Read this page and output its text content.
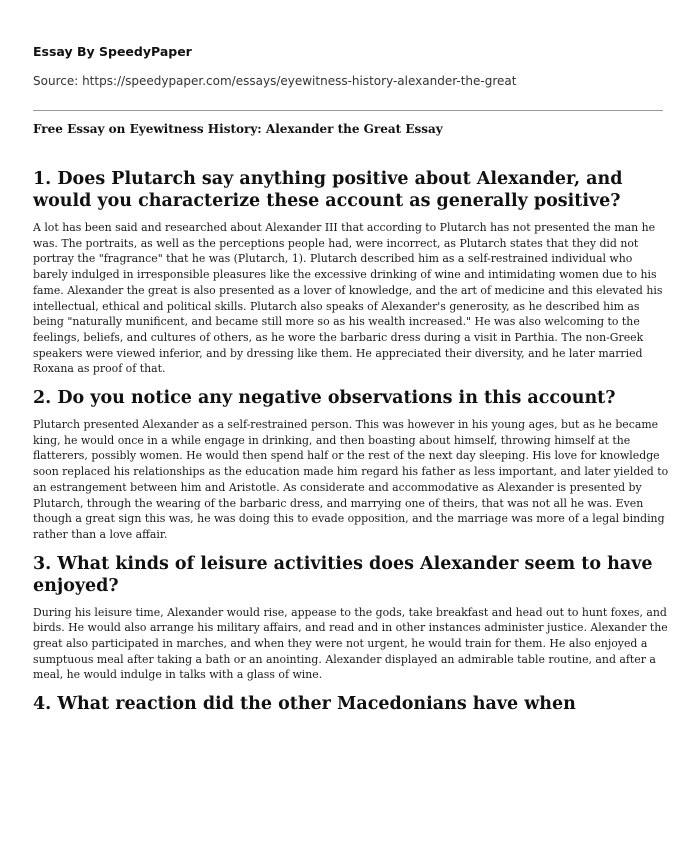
Essay By SpeedyPaper
Source: https://speedypaper.com/essays/eyewitness-history-alexander-the-great
Free Essay on Eyewitness History: Alexander the Great Essay
1. Does Plutarch say anything positive about Alexander, and would you characterize these account as generally positive?

A lot has been said and researched about Alexander III that according to Plutarch has not presented the man he was. The portraits, as well as the perceptions people had, were incorrect, as Plutarch states that they did not portray the "fragrance" that he was (Plutarch, 1). Plutarch described him as a self-restrained individual who barely indulged in irresponsible pleasures like the excessive drinking of wine and intimidating women due to his fame. Alexander the great is also presented as a lover of knowledge, and the art of medicine and this elevated his intellectual, ethical and political skills. Plutarch also speaks of Alexander's generosity, as he described him as being "naturally munificent, and became still more so as his wealth increased." He was also welcoming to the feelings, beliefs, and cultures of others, as he wore the barbaric dress during a visit in Parthia. The non-Greek speakers were viewed inferior, and by dressing like them. He appreciated their diversity, and he later married Roxana as proof of that.

2. Do you notice any negative observations in this account?

Plutarch presented Alexander as a self-restrained person. This was however in his young ages, but as he became king, he would once in a while engage in drinking, and then boasting about himself, throwing himself at the flatterers, possibly women. He would then spend half or the rest of the next day sleeping. His love for knowledge soon replaced his relationships as the education made him regard his father as less important, and later yielded to an estrangement between him and Aristotle. As considerate and accommodative as Alexander is presented by Plutarch, through the wearing of the barbaric dress, and marrying one of theirs, that was not all he was. Even though a great sign this was, he was doing this to evade opposition, and the marriage was more of a legal binding rather than a love affair.

3. What kinds of leisure activities does Alexander seem to have enjoyed?

During his leisure time, Alexander would rise, appease to the gods, take breakfast and head out to hunt foxes, and birds. He would also arrange his military affairs, and read and in other instances administer justice. Alexander the great also participated in marches, and when they were not urgent, he would train for them. He also enjoyed a sumptuous meal after taking a bath or an anointing. Alexander displayed an admirable table routine, and after a meal, he would indulge in talks with a glass of wine.

4. What reaction did the other Macedonians have when
